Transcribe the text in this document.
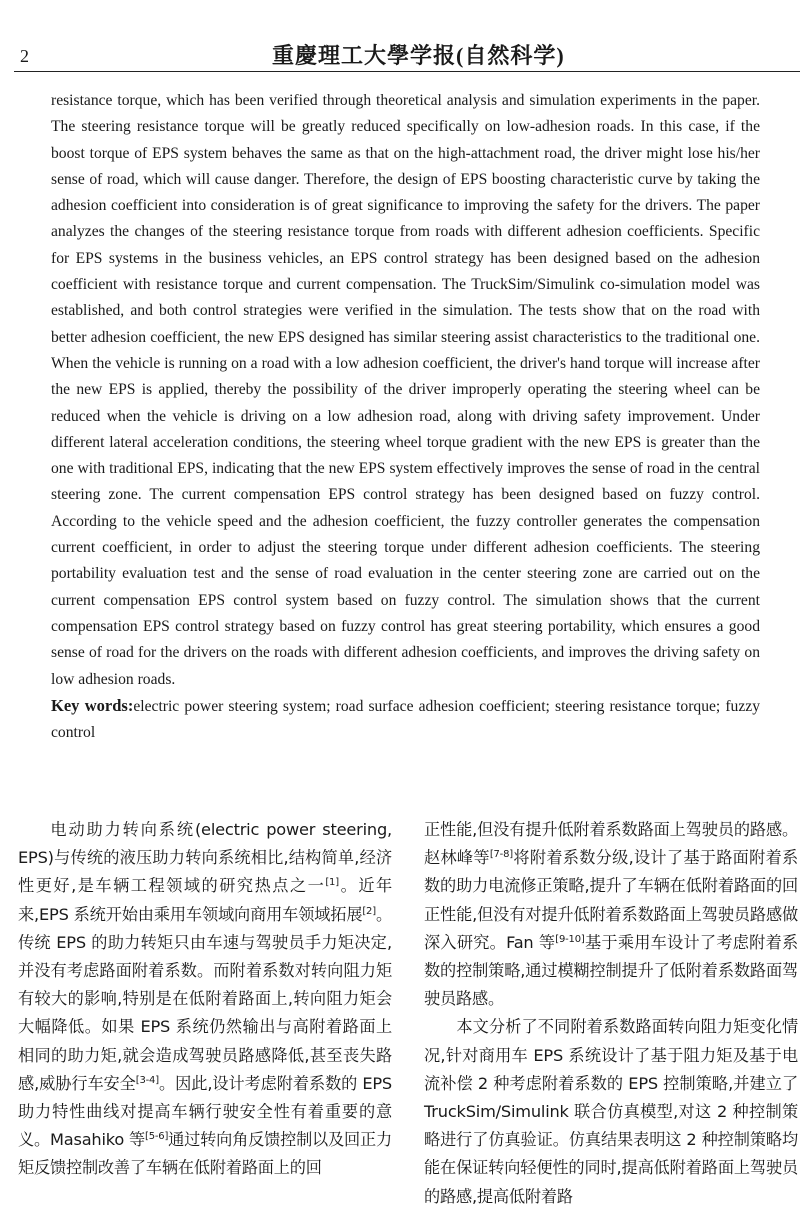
2	重慶理工大學学报(自然科学)

resistance torque, which has been verified through theoretical analysis and simulation experiments in the paper. The steering resistance torque will be greatly reduced specifically on low-adhesion roads. In this case, if the boost torque of EPS system behaves the same as that on the high-attachment road, the driver might lose his/her sense of road, which will cause danger. Therefore, the design of EPS boosting characteristic curve by taking the adhesion coefficient into consideration is of great significance to improving the safety for the drivers. The paper analyzes the changes of the steering resistance torque from roads with different adhesion coefficients. Specific for EPS systems in the business vehicles, an EPS control strategy has been designed based on the adhesion coefficient with resistance torque and current compensation. The TruckSim/Simulink co-simulation model was established, and both control strategies were verified in the simulation. The tests show that on the road with better adhesion coefficient, the new EPS designed has similar steering assist characteristics to the traditional one. When the vehicle is running on a road with a low adhesion coefficient, the driver's hand torque will increase after the new EPS is applied, thereby the possibility of the driver improperly operating the steering wheel can be reduced when the vehicle is driving on a low adhesion road, along with driving safety improvement. Under different lateral acceleration conditions, the steering wheel torque gradient with the new EPS is greater than the one with traditional EPS, indicating that the new EPS system effectively improves the sense of road in the central steering zone. The current compensation EPS control strategy has been designed based on fuzzy control. According to the vehicle speed and the adhesion coefficient, the fuzzy controller generates the compensation current coefficient, in order to adjust the steering torque under different adhesion coefficients. The steering portability evaluation test and the sense of road evaluation in the center steering zone are carried out on the current compensation EPS control system based on fuzzy control. The simulation shows that the current compensation EPS control strategy based on fuzzy control has great steering portability, which ensures a good sense of road for the drivers on the roads with different adhesion coefficients, and improves the driving safety on low adhesion roads.

Key words:electric power steering system; road surface adhesion coefficient; steering resistance torque; fuzzy control

电动助力转向系统(electric power steering, EPS)与传统的液压助力转向系统相比,结构简单,经济性更好,是车辆工程领域的研究热点之一[1]。近年来,EPS 系统开始由乘用车领域向商用车领域拓展[2]。传统 EPS 的助力转矩只由车速与驾驶员手力矩决定,并没有考虑路面附着系数。而附着系数对转向阻力矩有较大的影响,特别是在低附着路面上,转向阻力矩会大幅降低。如果 EPS 系统仍然输出与高附着路面上相同的助力矩,就会造成驾驶员路感降低,甚至丧失路感,威胁行车安全[3-4]。因此,设计考虑附着系数的 EPS 助力特性曲线对提高车辆行驶安全性有着重要的意义。Masahiko 等[5-6]通过转向角反馈控制以及回正力矩反馈控制改善了车辆在低附着路面上的回

正性能,但没有提升低附着系数路面上驾驶员的路感。赵林峰等[7-8]将附着系数分级,设计了基于路面附着系数的助力电流修正策略,提升了车辆在低附着路面的回正性能,但没有对提升低附着系数路面上驾驶员路感做深入研究。Fan 等[9-10]基于乘用车设计了考虑附着系数的控制策略,通过模糊控制提升了低附着系数路面驾驶员路感。

本文分析了不同附着系数路面转向阻力矩变化情况,针对商用车 EPS 系统设计了基于阻力矩及基于电流补偿 2 种考虑附着系数的 EPS 控制策略,并建立了 TruckSim/Simulink 联合仿真模型,对这 2 种控制策略进行了仿真验证。仿真结果表明这 2 种控制策略均能在保证转向轻便性的同时,提高低附着路面上驾驶员的路感,提高低附着路
